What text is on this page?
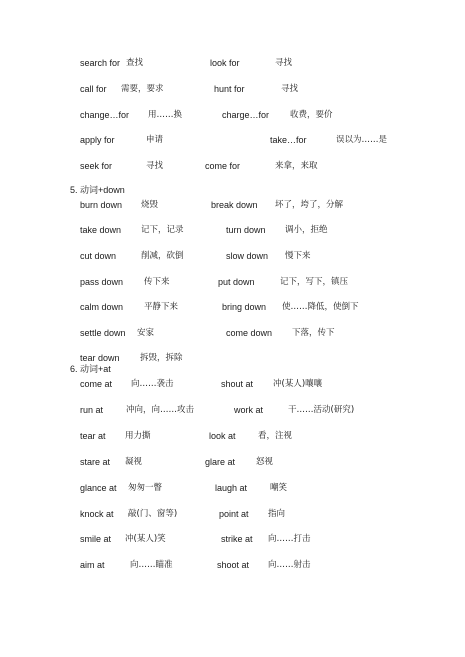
search for 查找	look for	寻找
call for 需要，要求	hunt for	寻找
change…for 用……换	charge…for 收费，要价
apply for	申请	take…for	误以为……是
seek for	寻找	come for	来拿，来取
5. 动词+down
burn down 烧毁	break down 坏了，垮了，分解
take down 记下，记录	turn down 调小，拒绝
cut down	削减，砍倒	slow down 慢下来
pass down 传下来	put down	记下，写下，镇压
calm down 平静下来	bring down 使……降低，使倒下
settle down 安家	come down 下落，传下
tear down 拆毁，拆除
6. 动词+at
come at 向……袭击	shout at 冲(某人)嚷嚷
run at	冲向，向……攻击	work at	干……活动(研究)
tear at 用力撕	look at	看，注视
stare at 凝视	glare at 怒视
glance at 匆匆一瞥	laugh at	嘲笑
knock at 敲(门、窗等)	point at 指向
smile at 冲(某人)笑	strike at 向……打击
aim at	向……瞄准	shoot at 向……射击
